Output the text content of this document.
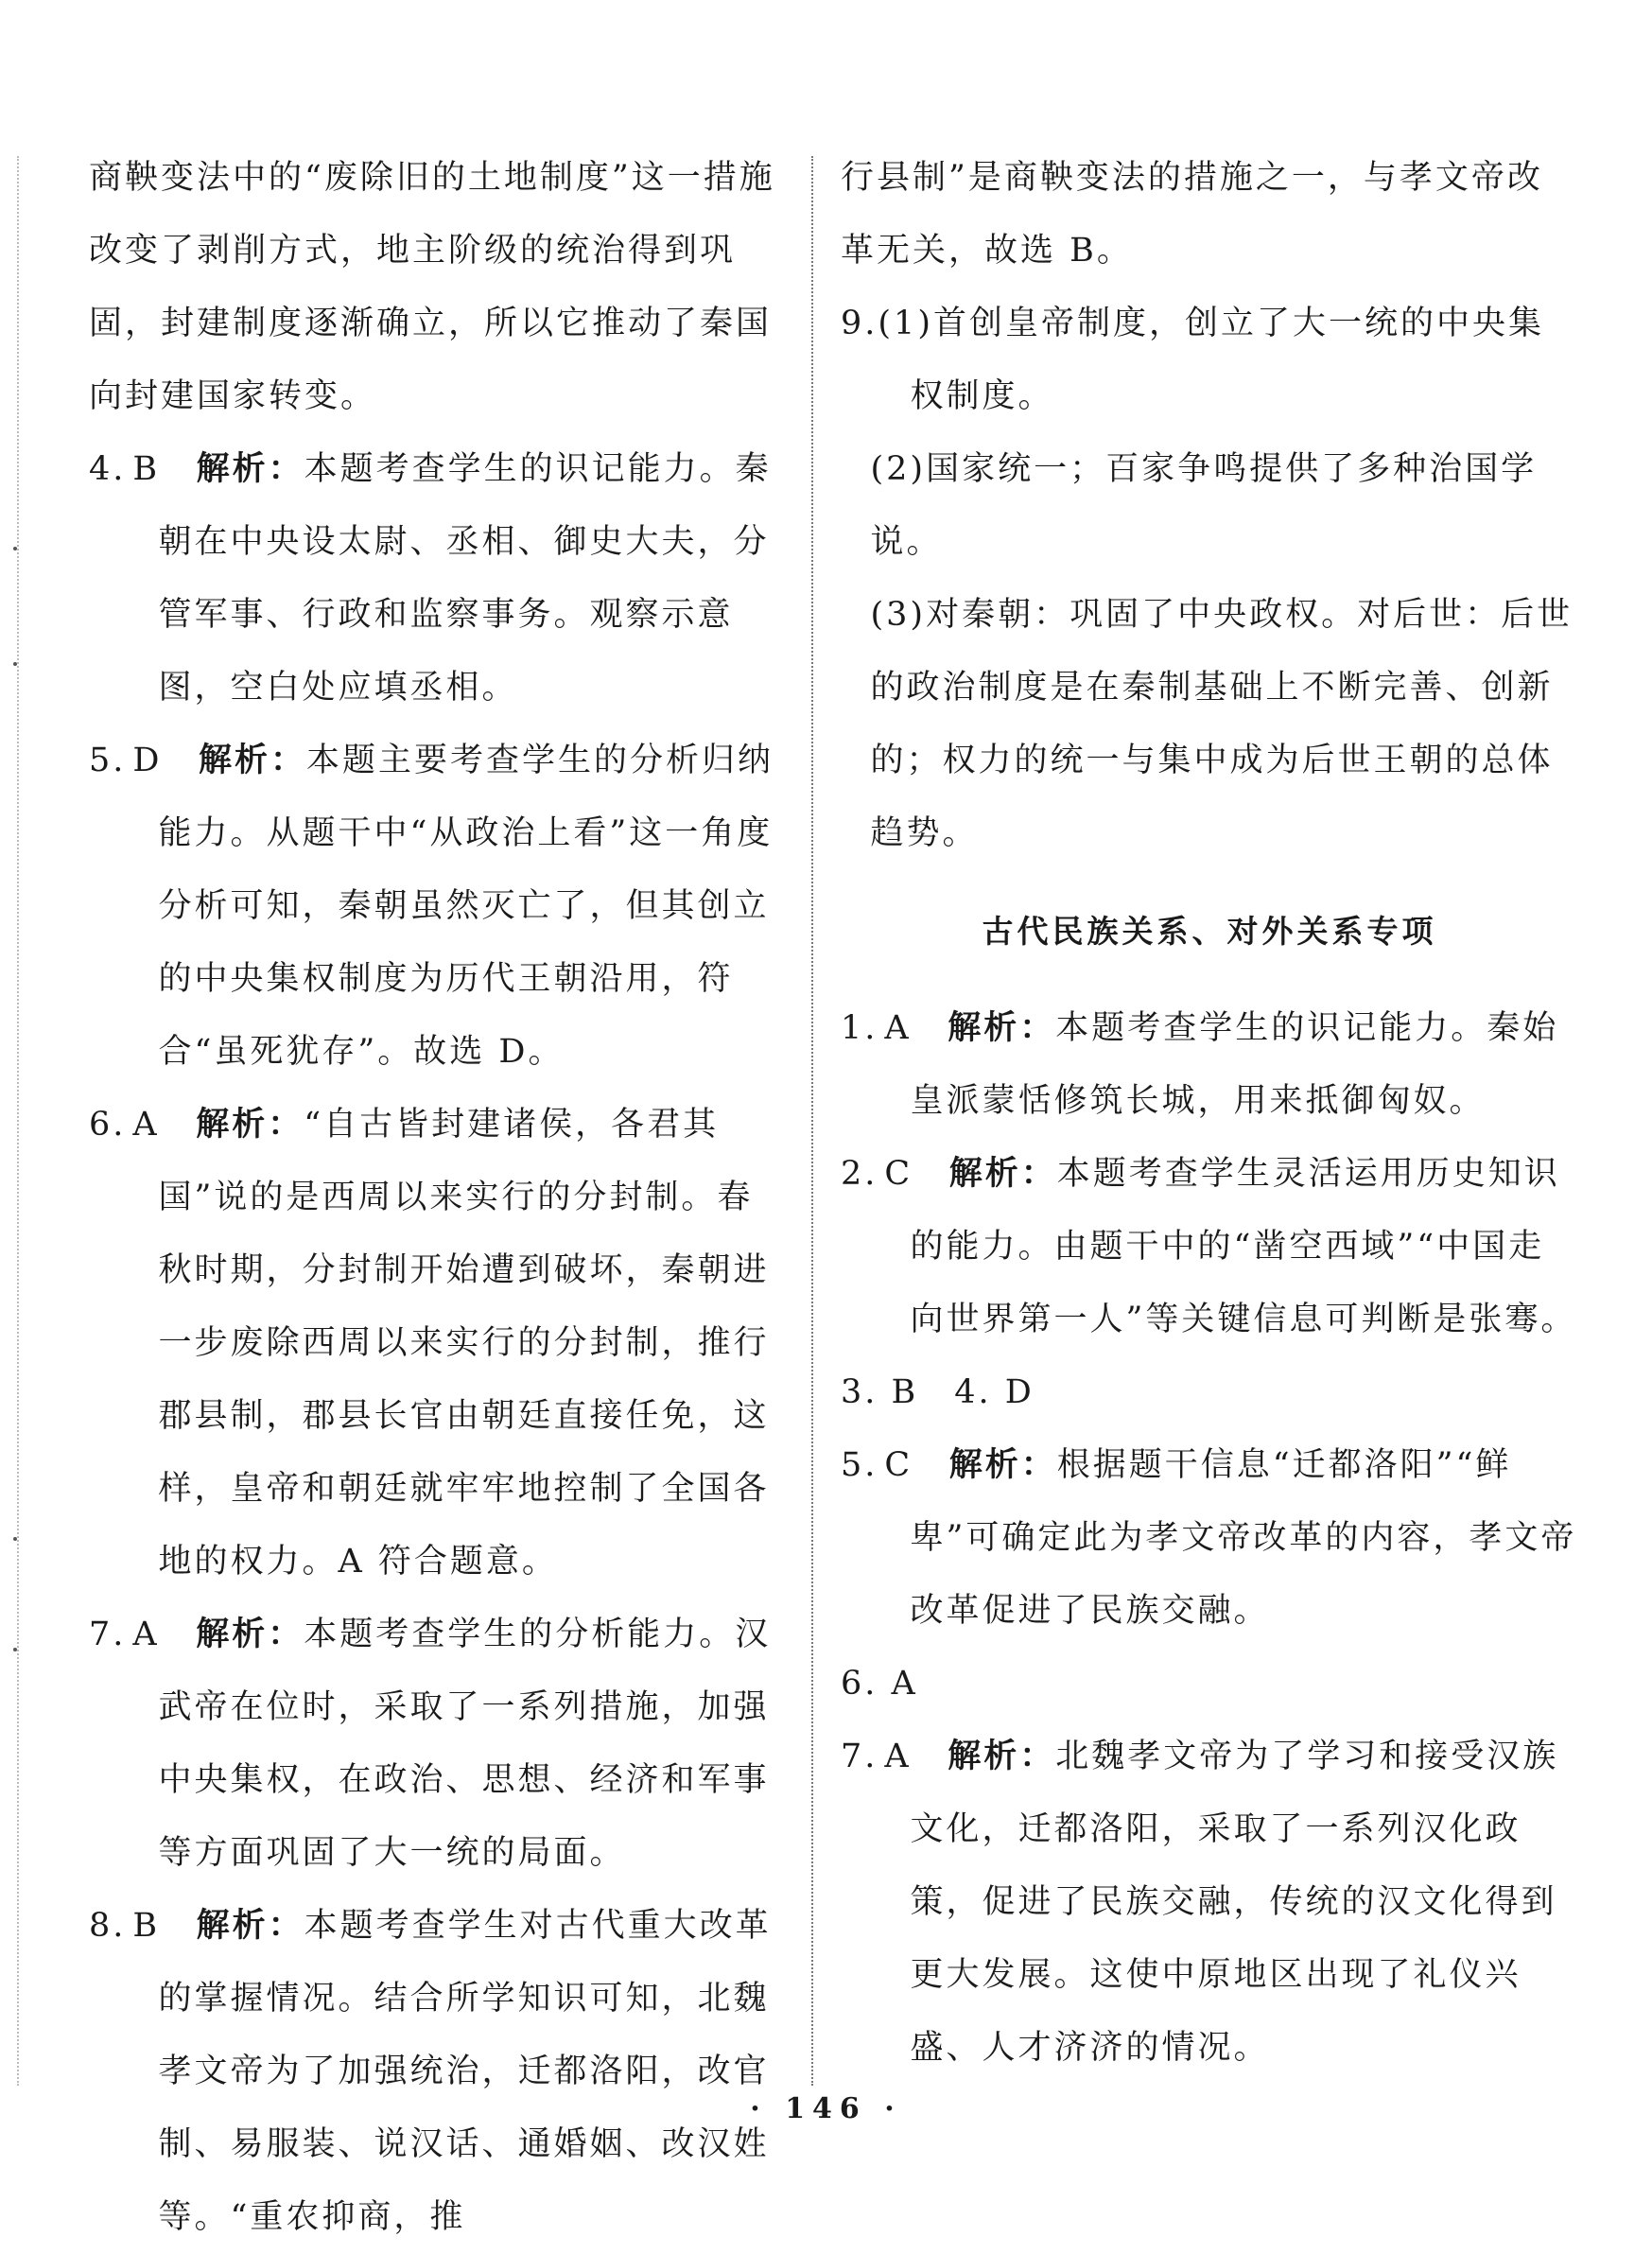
商鞅变法中的“废除旧的土地制度”这一措施改变了剥削方式，地主阶级的统治得到巩固，封建制度逐渐确立，所以它推动了秦国向封建国家转变。

4. B 解析：本题考查学生的识记能力。秦朝在中央设太尉、丞相、御史大夫，分管军事、行政和监察事务。观察示意图，空白处应填丞相。

5. D 解析：本题主要考查学生的分析归纳能力。从题干中“从政治上看”这一角度分析可知，秦朝虽然灭亡了，但其创立的中央集权制度为历代王朝沿用，符合“虽死犹存”。故选 D。

6. A 解析：“自古皆封建诸侯，各君其国”说的是西周以来实行的分封制。春秋时期，分封制开始遭到破坏，秦朝进一步废除西周以来实行的分封制，推行郡县制，郡县长官由朝廷直接任免，这样，皇帝和朝廷就牢牢地控制了全国各地的权力。A 符合题意。

7. A 解析：本题考查学生的分析能力。汉武帝在位时，采取了一系列措施，加强中央集权，在政治、思想、经济和军事等方面巩固了大一统的局面。

8. B 解析：本题考查学生对古代重大改革的掌握情况。结合所学知识可知，北魏孝文帝为了加强统治，迁都洛阳，改官制、易服装、说汉话、通婚姻、改汉姓等。“重农抑商，推

行县制”是商鞅变法的措施之一，与孝文帝改革无关，故选 B。

9.(1)首创皇帝制度，创立了大一统的中央集权制度。

(2)国家统一；百家争鸣提供了多种治国学说。

(3)对秦朝：巩固了中央政权。对后世：后世的政治制度是在秦制基础上不断完善、创新的；权力的统一与集中成为后世王朝的总体趋势。

古代民族关系、对外关系专项

1. A 解析：本题考查学生的识记能力。秦始皇派蒙恬修筑长城，用来抵御匈奴。

2. C 解析：本题考查学生灵活运用历史知识的能力。由题干中的“凿空西域”“中国走向世界第一人”等关键信息可判断是张骞。

3. B　4. D

5. C 解析：根据题干信息“迁都洛阳”“鲜卑”可确定此为孝文帝改革的内容，孝文帝改革促进了民族交融。

6. A

7. A 解析：北魏孝文帝为了学习和接受汉族文化，迁都洛阳，采取了一系列汉化政策，促进了民族交融，传统的汉文化得到更大发展。这使中原地区出现了礼仪兴盛、人才济济的情况。

· 146 ·
